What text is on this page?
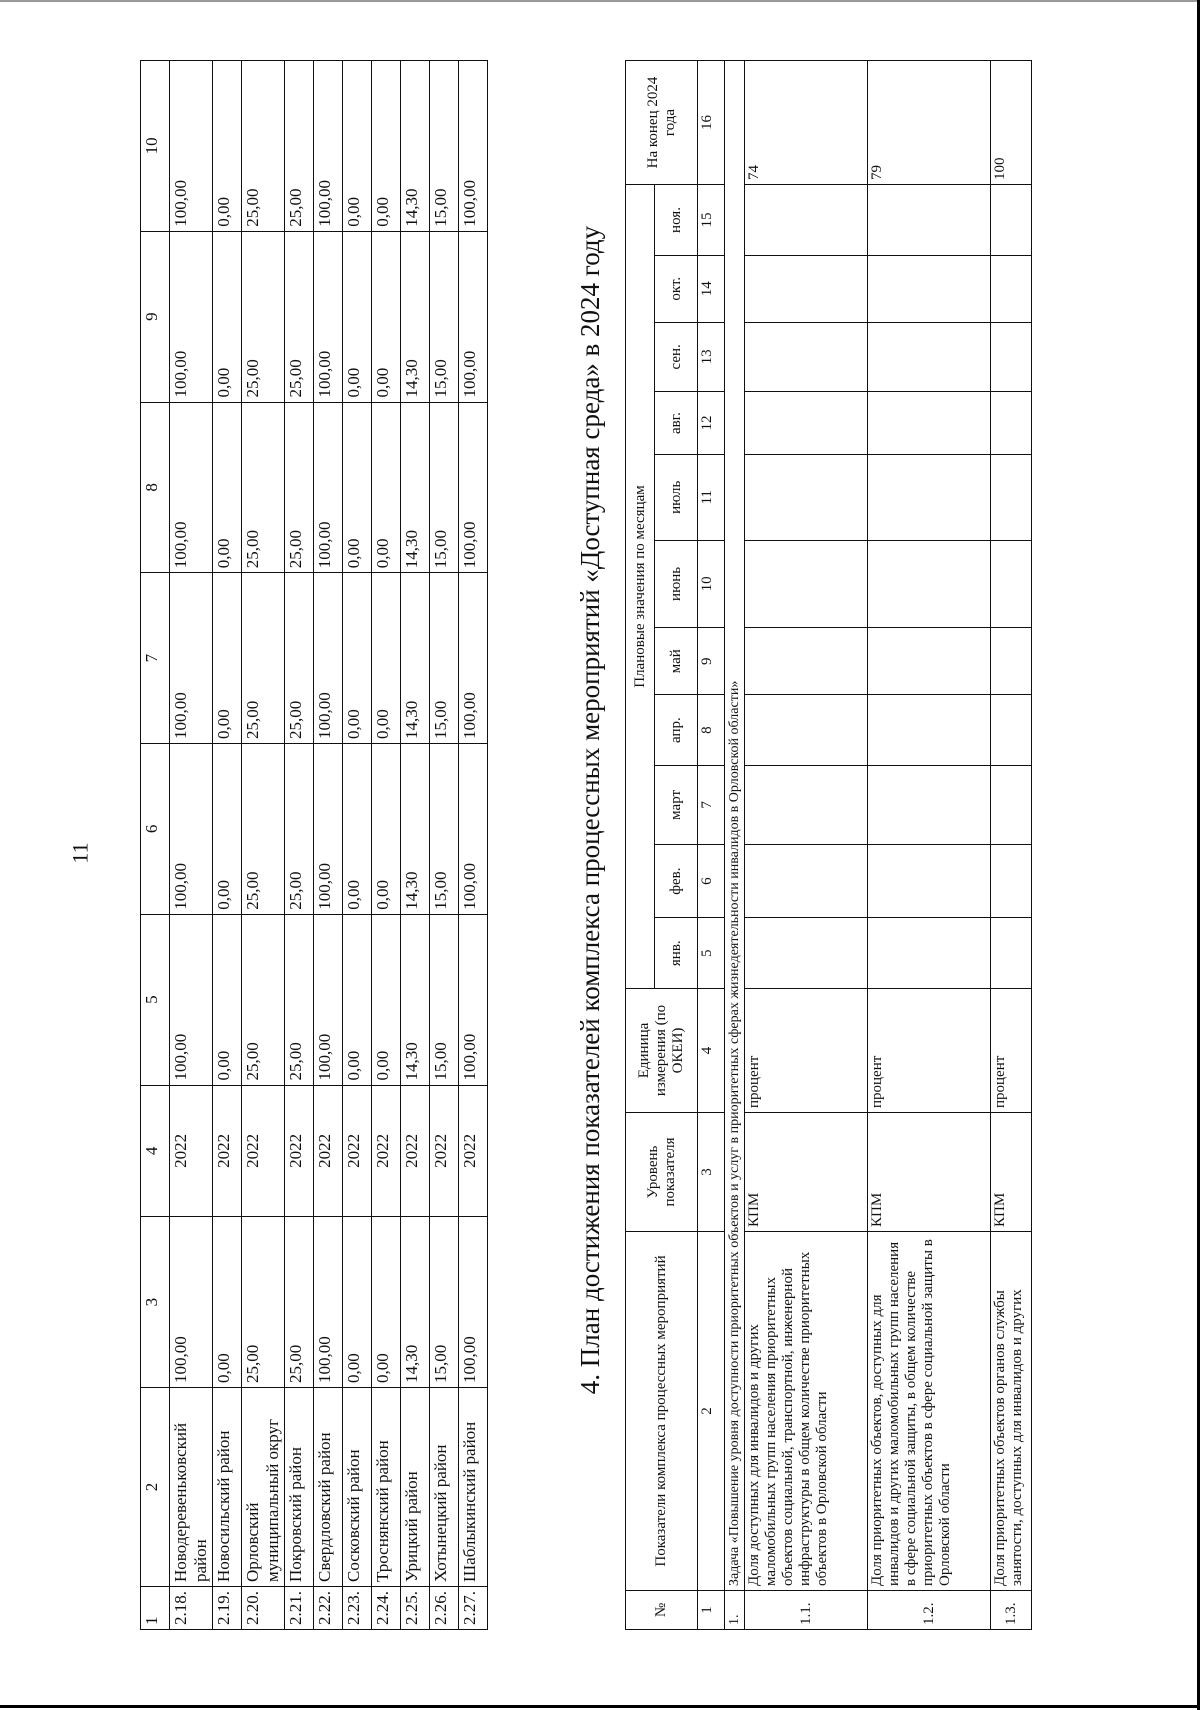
11
1	2	3	4	5	6	7	8	9	10
2.18.	Новодеревеньковский район	100,00	2022	100,00	100,00	100,00	100,00	100,00	100,00
2.19.	Новосильский район	0,00	2022	0,00	0,00	0,00	0,00	0,00	0,00
2.20.	Орловский муниципальный округ	25,00	2022	25,00	25,00	25,00	25,00	25,00	25,00
2.21.	Покровский район	25,00	2022	25,00	25,00	25,00	25,00	25,00	25,00
2.22.	Свердловский район	100,00	2022	100,00	100,00	100,00	100,00	100,00	100,00
2.23.	Сосковский район	0,00	2022	0,00	0,00	0,00	0,00	0,00	0,00
2.24.	Троснянский район	0,00	2022	0,00	0,00	0,00	0,00	0,00	0,00
2.25.	Урицкий район	14,30	2022	14,30	14,30	14,30	14,30	14,30	14,30
2.26.	Хотынецкий район	15,00	2022	15,00	15,00	15,00	15,00	15,00	15,00
2.27.	Шаблыкинский район	100,00	2022	100,00	100,00	100,00	100,00	100,00	100,00
4. План достижения показателей комплекса процессных мероприятий «Доступная среда» в 2024 году
№	Показатели комплекса процессных мероприятий	Уровень показателя	Единица измерения (по ОКЕИ)	Плановые значения по месяцам											На конец 2024 года
				янв.	фев.	март	апр.	май	июнь	июль	авг.	сен.	окт.	ноя.	
1	2	3	4	5	6	7	8	9	10	11	12	13	14	15	16
1.	Задача «Повышение уровня доступности приоритетных объектов и услуг в приоритетных сферах жизнедеятельности инвалидов в Орловской области»														
1.1.	Доля доступных для инвалидов и других маломобильных групп населения приоритетных объектов социальной, транспортной, инженерной инфраструктуры в общем количестве приоритетных объектов в Орловской области	КПМ	процент												74
1.2.	Доля приоритетных объектов, доступных для инвалидов и других маломобильных групп населения в сфере социальной защиты, в общем количестве приоритетных объектов в сфере социальной защиты в Орловской области	КПМ	процент												79
1.3.	Доля приоритетных объектов органов службы занятости, доступных для инвалидов и других	КПМ	процент												100
